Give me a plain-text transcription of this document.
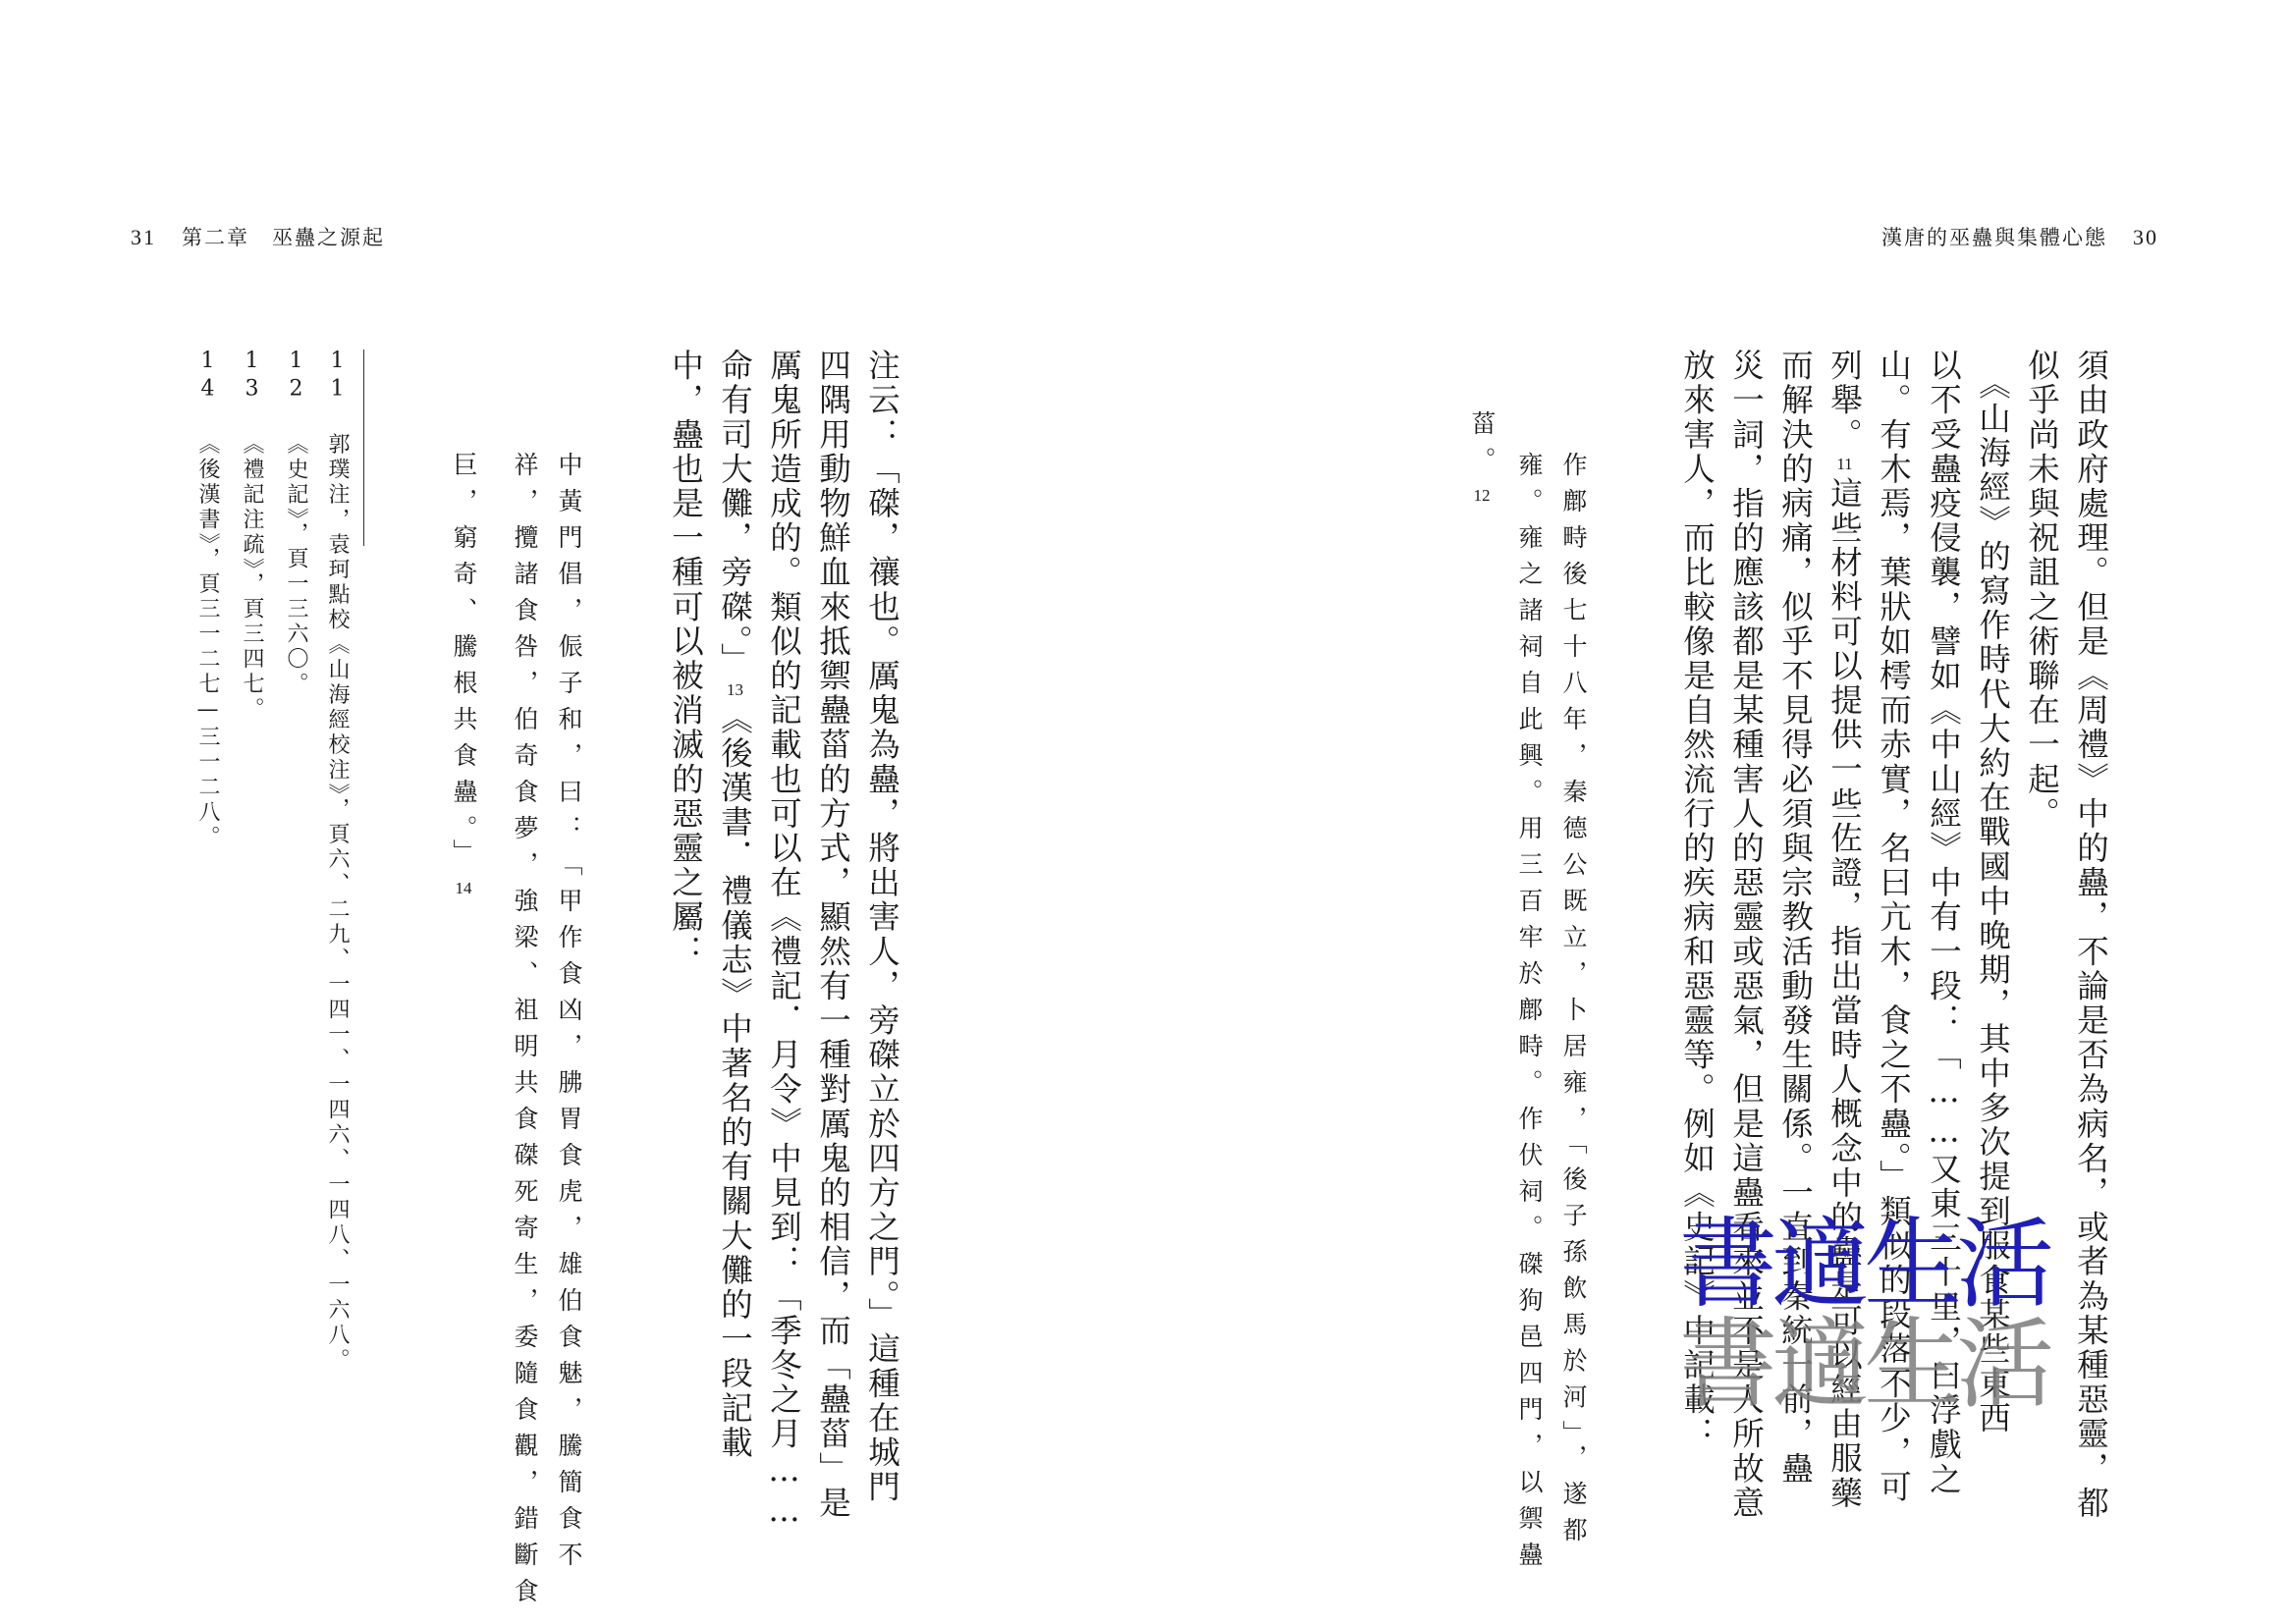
31 第二章　巫蠱之源起	漢唐的巫蠱與集體心態 30
須由政府處理。但是《周禮》中的蠱，不論是否為病名，或者為某種惡靈，都
似乎尚未與祝詛之術聯在一起。
　《山海經》的寫作時代大約在戰國中晚期，其中多次提到服食某些東西
以不受蠱疫侵襲，譬如《中山經》中有一段：「……又東三十里，曰浮戲之
山。有木焉，葉狀如樗而赤實，名曰亢木，食之不蠱。」類似的段落不少，可
列舉。11這些材料可以提供一些佐證，指出當時人概念中的蠱是可以經由服藥
而解決的病痛，似乎不見得必須與宗教活動發生關係。一直到秦統一前，蠱
災一詞，指的應該都是某種害人的惡靈或惡氣，但是這蠱看來並不是人所故意
放來害人，而比較像是自然流行的疾病和惡靈等。例如《史記》中記載：
作鄜畤後七十八年，秦德公既立，卜居雍，「後子孫飲馬於河」，遂都
雍。雍之諸祠自此興。用三百牢於鄜畤。作伏祠。磔狗邑四門，以禦蠱
菑。12
注云：「磔，禳也。厲鬼為蠱，將出害人，旁磔立於四方之門。」這種在城門
四隅用動物鮮血來抵禦蠱菑的方式，顯然有一種對厲鬼的相信，而「蠱菑」是
厲鬼所造成的。類似的記載也可以在《禮記．月令》中見到：「季冬之月……
命有司大儺，旁磔。」13《後漢書．禮儀志》中著名的有關大儺的一段記載
中，蠱也是一種可以被消滅的惡靈之屬：
中黃門倡，侲子和，曰：「甲作食凶，胇胃食虎，雄伯食魅，騰簡食不
祥，攬諸食咎，伯奇食夢，強梁、祖明共食磔死寄生，委隨食觀，錯斷食
巨，窮奇、騰根共食蠱。」14
11 郭璞注，袁珂點校《山海經校注》，頁六、二九、一四一、一四六、一四八、一六八。
12 《史記》，頁一三六〇。
13 《禮記注疏》，頁三四七。
14 《後漢書》，頁三一二七—三一二八。
書適生活
書適生活
